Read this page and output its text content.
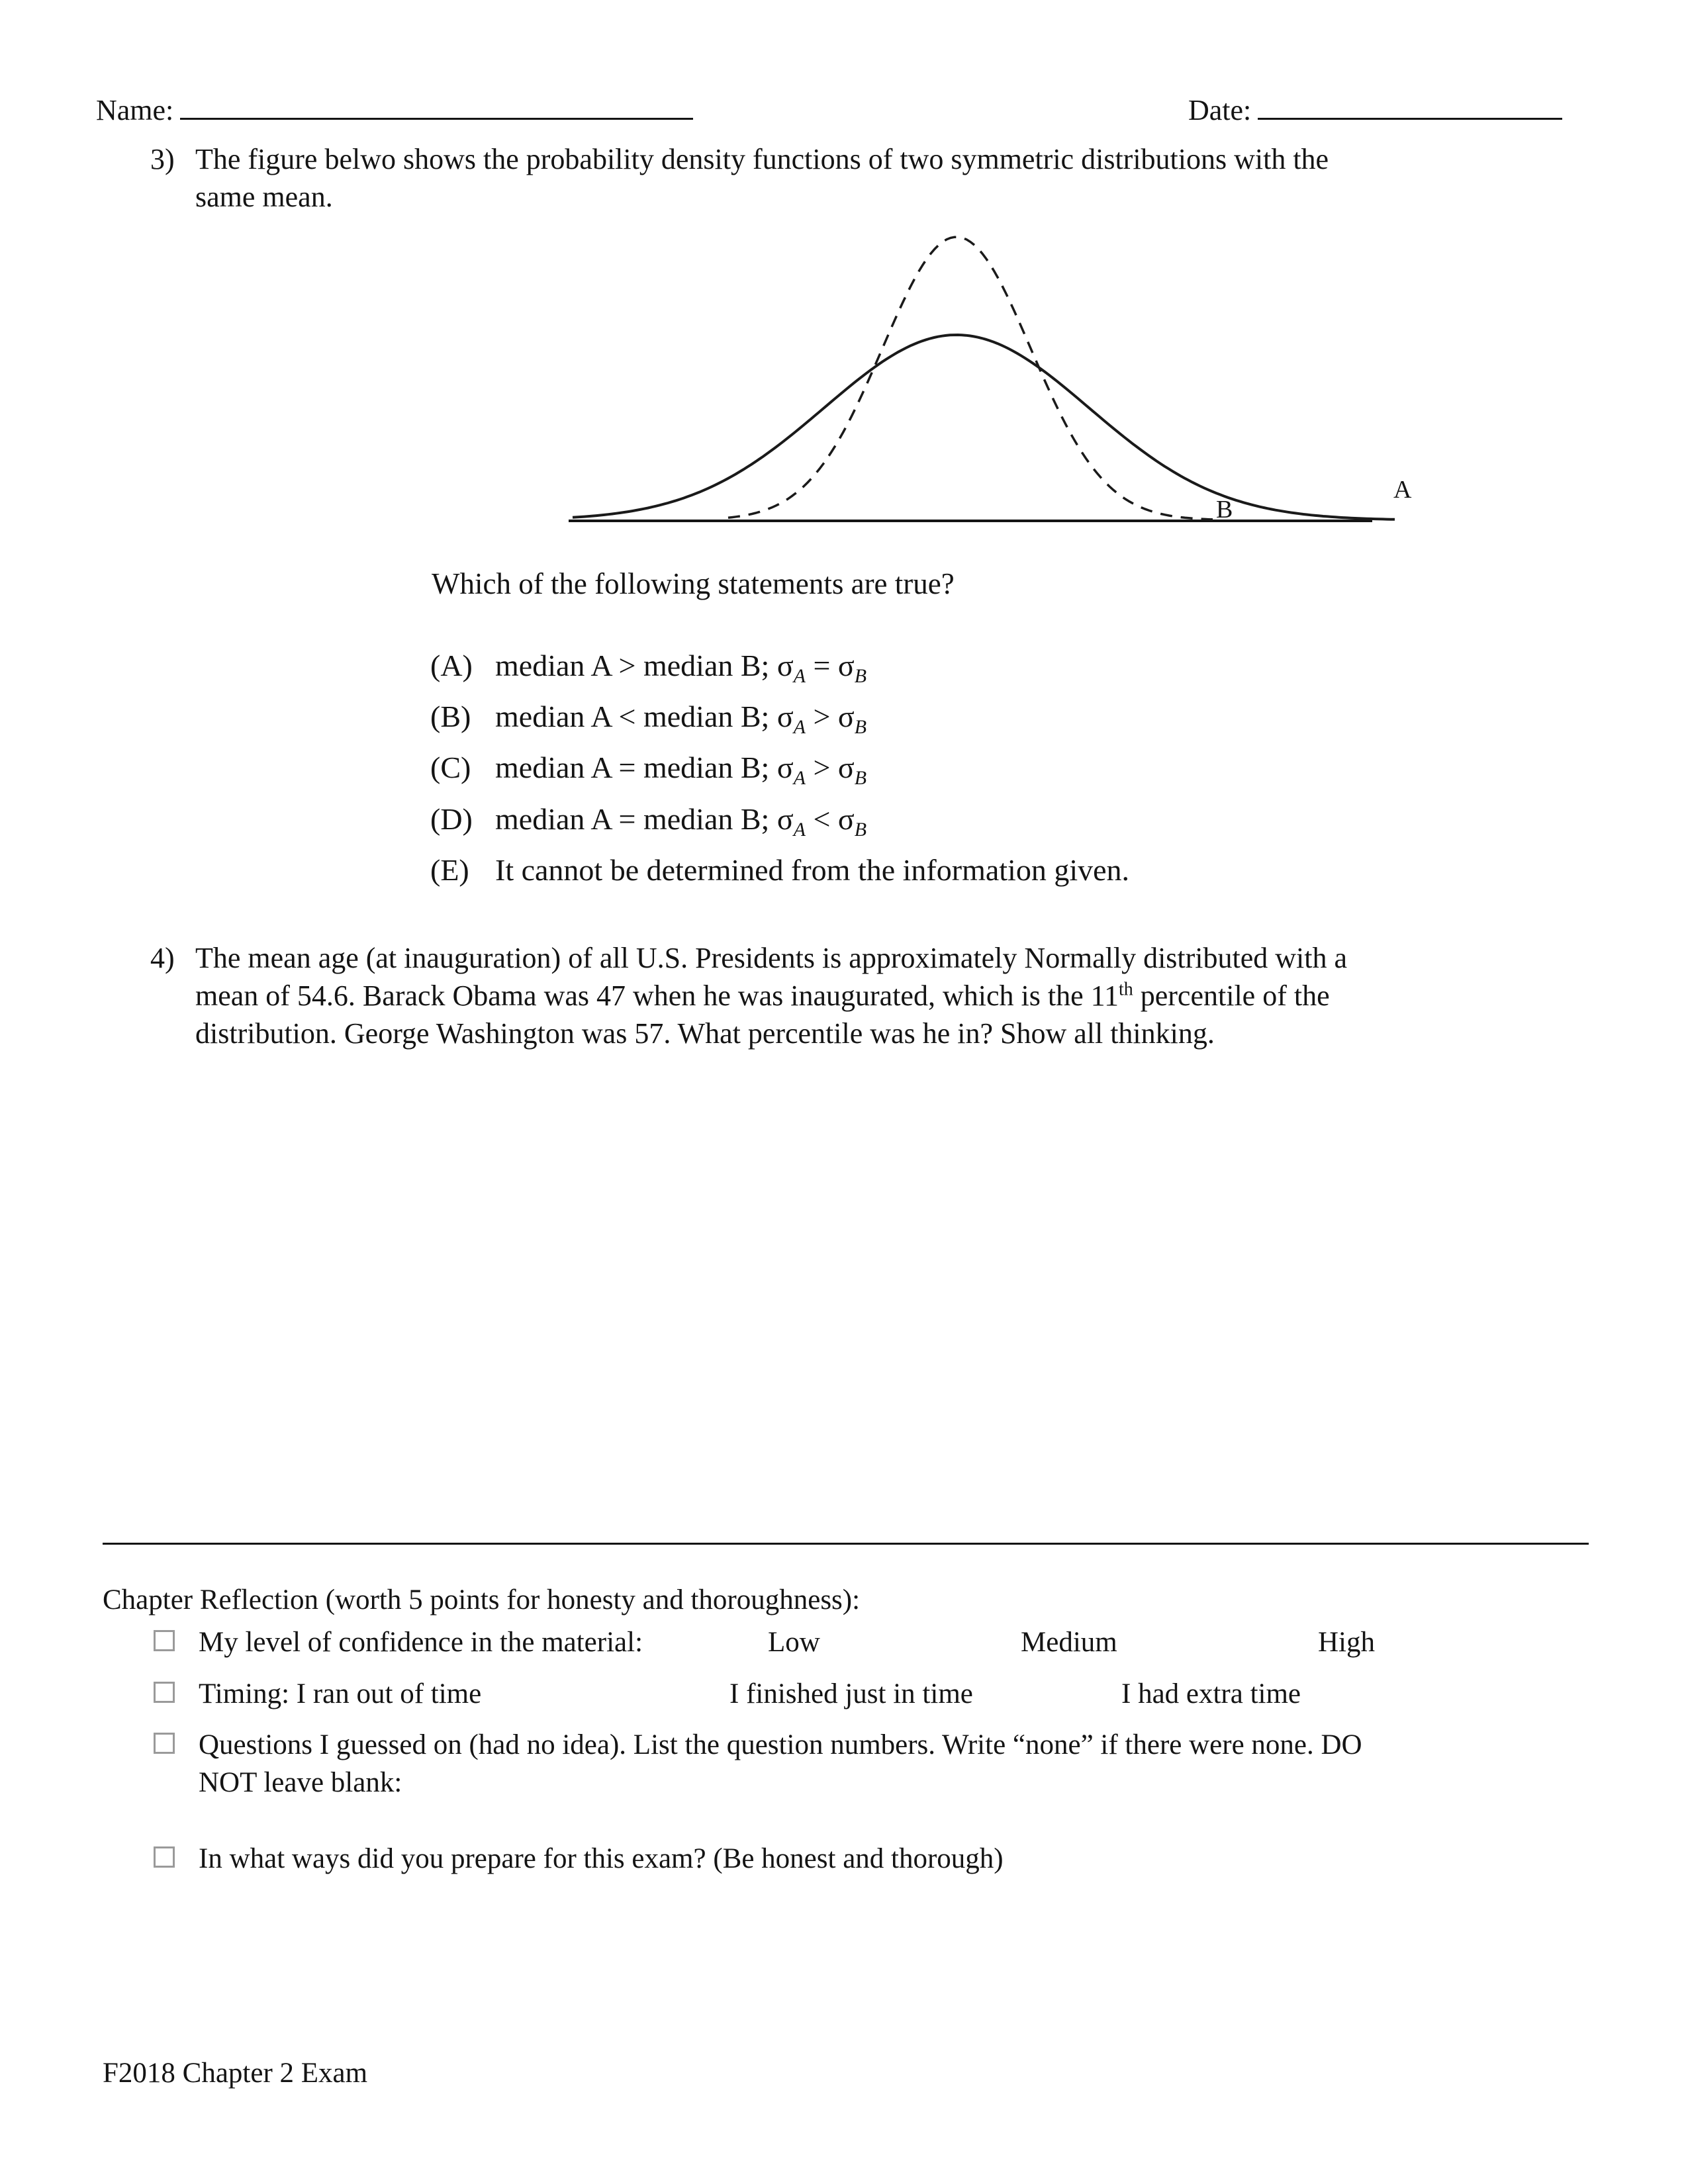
Name:	Date:
3) The figure belwo shows the probability density functions of two symmetric distributions with the
same mean.
B
A
Which of the following statements are true?
(A) median A > median B; $\sigma_A = \sigma_B$
(B) median A < median B; $\sigma_A > \sigma_B$
(C) median A = median B; $\sigma_A > \sigma_B$
(D) median A = median B; $\sigma_A < \sigma_B$
(E) It cannot be determined from the information given.
4) The mean age (at inauguration) of all U.S. Presidents is approximately Normally distributed with a
mean of 54.6. Barack Obama was 47 when he was inaugurated, which is the 11th percentile of the
distribution. George Washington was 57. What percentile was he in? Show all thinking.
Chapter Reflection (worth 5 points for honesty and thoroughness):
My level of confidence in the material:	Low	Medium	High
Timing: I ran out of time	I finished just in time	I had extra time
Questions I guessed on (had no idea). List the question numbers. Write “none” if there were none. DO
NOT leave blank:
In what ways did you prepare for this exam? (Be honest and thorough)
F2018 Chapter 2 Exam
